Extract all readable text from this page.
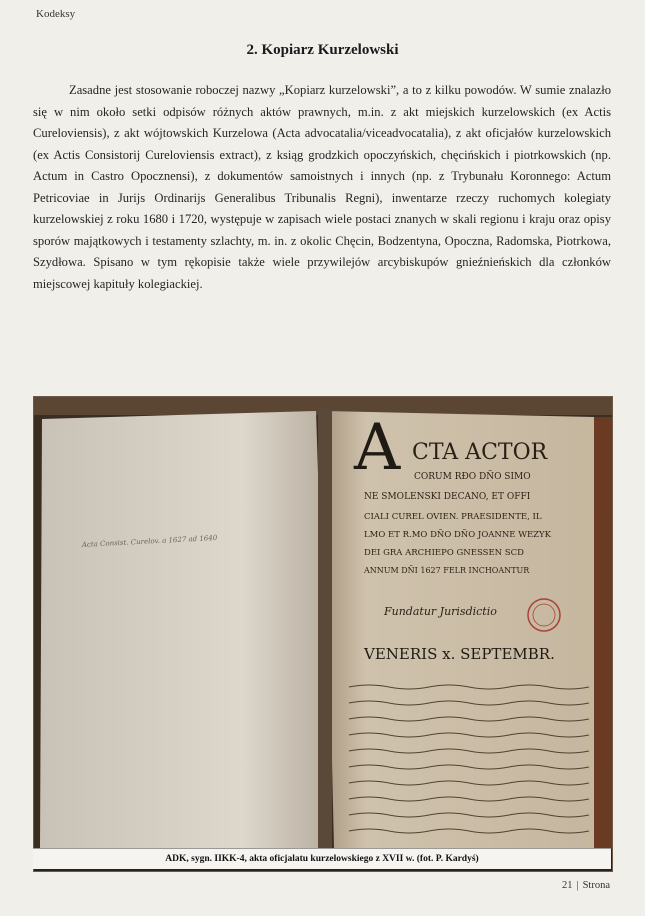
Kodeksy
2. Kopiarz Kurzelowski
Zasadne jest stosowanie roboczej nazwy „Kopiarz kurzelowski”, a to z kilku powodów. W sumie znalazło się w nim około setki odpisów różnych aktów prawnych, m.in. z akt miejskich kurzelowskich (ex Actis Cureloviensis), z akt wójtowskich Kurzelowa (Acta advocatalia/viceadvocatalia), z akt oficjałów kurzelowskich (ex Actis Consistorij Cureloviensis extract), z ksiąg grodzkich opoczyńskich, chęcińskich i piotrkowskich (np. Actum in Castro Opocznensi), z dokumentów samoistnych i innych (np. z Trybunału Koronnego: Actum Petricoviae in Jurijs Ordinarijs Generalibus Tribunalis Regni), inwentarze rzeczy ruchomych kolegiaty kurzelowskiej z roku 1680 i 1720, występuje w zapisach wiele postaci znanych w skali regionu i kraju oraz opisy sporów majątkowych i testamenty szlachty, m. in. z okolic Chęcin, Bodzentyna, Opoczna, Radomska, Piotrkowa, Szydłowa. Spisano w tym rękopisie także wiele przywilejów arcybiskupów gnieźnieńskich dla członków miejscowej kapituły kolegiackiej.
Acta Consist. Curelov. a 1627 ad 1640
A CTA ACTOR
CORUM RĐO DÑO SIMO
NE SMOLENSKI DECANO, ET OFFI
CIALI CUREL OVIEN. PRAESIDENTE, IL
LMO ET R.MO DÑO DÑO JOANNE WEZYK
DEI GRA ARCHIEPO GNESSEN SCD
ANNUM DÑI 1627 FELR INCHOANTUR
Fundatur Jurisdictio
VENERIS x. SEPTEMBR.
ADK, sygn. IIKK-4, akta oficjalatu kurzelowskiego z XVII w. (fot. P. Kardyś)
21 | Strona
